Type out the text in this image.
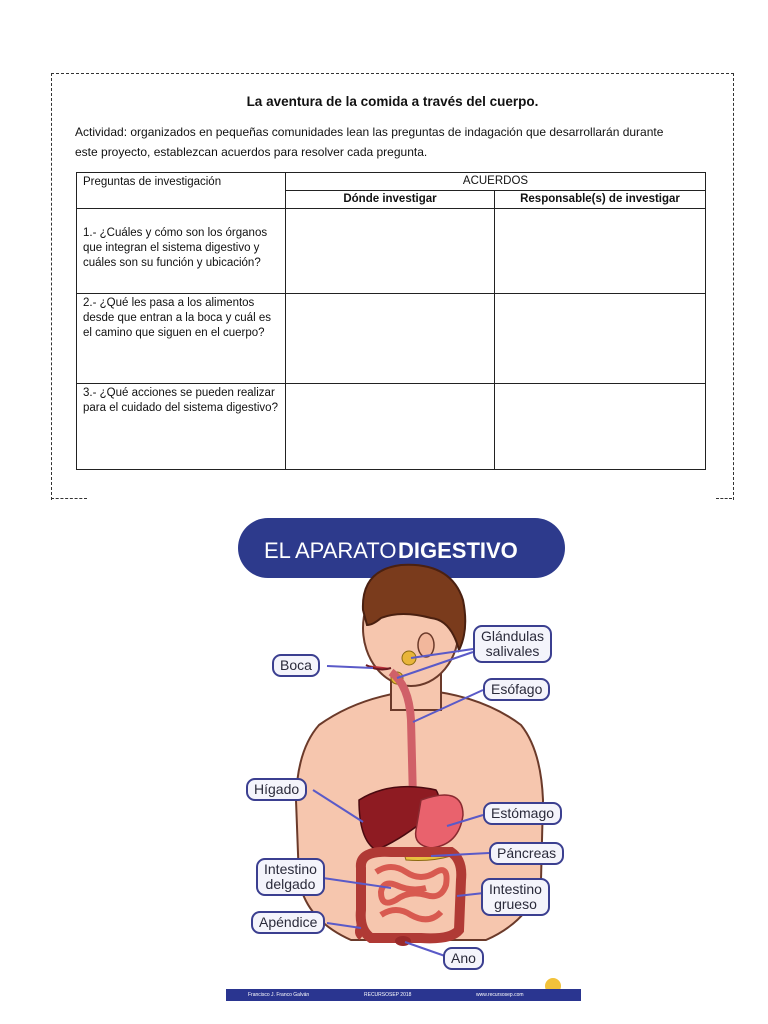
La aventura de la comida a través del cuerpo.
Actividad: organizados en pequeñas comunidades lean las preguntas de indagación que desarrollarán durante
este proyecto, establezcan acuerdos para resolver cada pregunta.
Preguntas de investigación	ACUERDOS	
	Dónde investigar	Responsable(s) de investigar
1.- ¿Cuáles y cómo son los órganos que integran el sistema digestivo y cuáles son su función y ubicación?		
2.- ¿Qué les pasa a los alimentos desde que entran a la boca y cuál es el camino que siguen en el cuerpo?		
3.- ¿Qué acciones se pueden realizar para el cuidado del sistema digestivo?		
EL APARATO DIGESTIVO
Boca
Glándulas
salivales
Esófago
Hígado
Estómago
Páncreas
Intestino
delgado	Intestino
grueso
Apéndice
Ano
Francisco J. Franco Galván	RECURSOSEP 2018	www.recursosep.com
